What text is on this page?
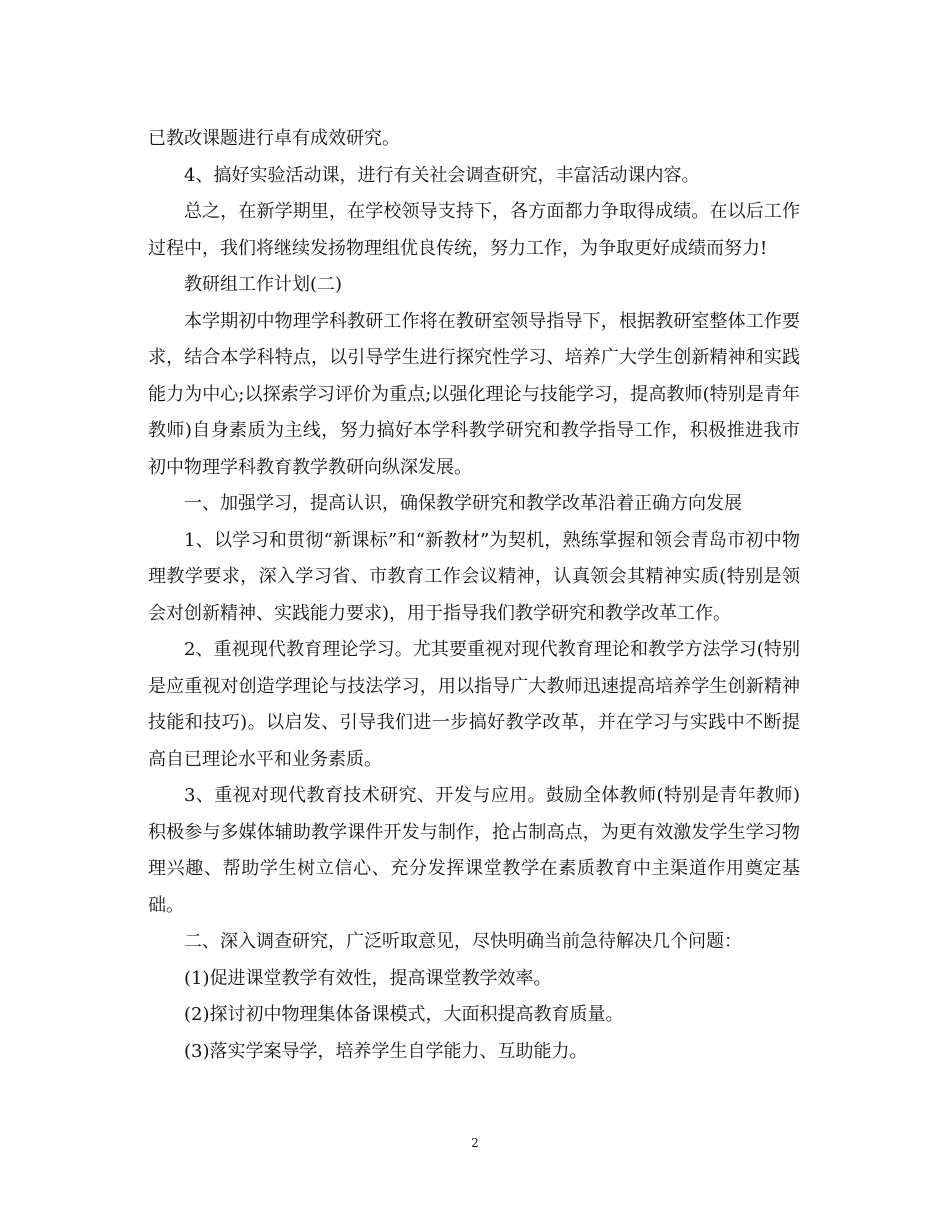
已教改课题进行卓有成效研究。

4、搞好实验活动课，进行有关社会调查研究，丰富活动课内容。

总之，在新学期里，在学校领导支持下，各方面都力争取得成绩。在以后工作过程中，我们将继续发扬物理组优良传统，努力工作，为争取更好成绩而努力!

教研组工作计划(二)

本学期初中物理学科教研工作将在教研室领导指导下，根据教研室整体工作要求，结合本学科特点，以引导学生进行探究性学习、培养广大学生创新精神和实践能力为中心;以探索学习评价为重点;以强化理论与技能学习，提高教师(特别是青年教师)自身素质为主线，努力搞好本学科教学研究和教学指导工作，积极推进我市初中物理学科教育教学教研向纵深发展。

一、加强学习，提高认识，确保教学研究和教学改革沿着正确方向发展

1、以学习和贯彻“新课标”和“新教材”为契机，熟练掌握和领会青岛市初中物理教学要求，深入学习省、市教育工作会议精神，认真领会其精神实质(特别是领会对创新精神、实践能力要求)，用于指导我们教学研究和教学改革工作。

2、重视现代教育理论学习。尤其要重视对现代教育理论和教学方法学习(特别是应重视对创造学理论与技法学习，用以指导广大教师迅速提高培养学生创新精神技能和技巧)。以启发、引导我们进一步搞好教学改革，并在学习与实践中不断提高自已理论水平和业务素质。

3、重视对现代教育技术研究、开发与应用。鼓励全体教师(特别是青年教师)积极参与多媒体辅助教学课件开发与制作，抢占制高点，为更有效激发学生学习物理兴趣、帮助学生树立信心、充分发挥课堂教学在素质教育中主渠道作用奠定基础。

二、深入调查研究，广泛听取意见，尽快明确当前急待解决几个问题：

(1)促进课堂教学有效性，提高课堂教学效率。

(2)探讨初中物理集体备课模式，大面积提高教育质量。

(3)落实学案导学，培养学生自学能力、互助能力。

2
